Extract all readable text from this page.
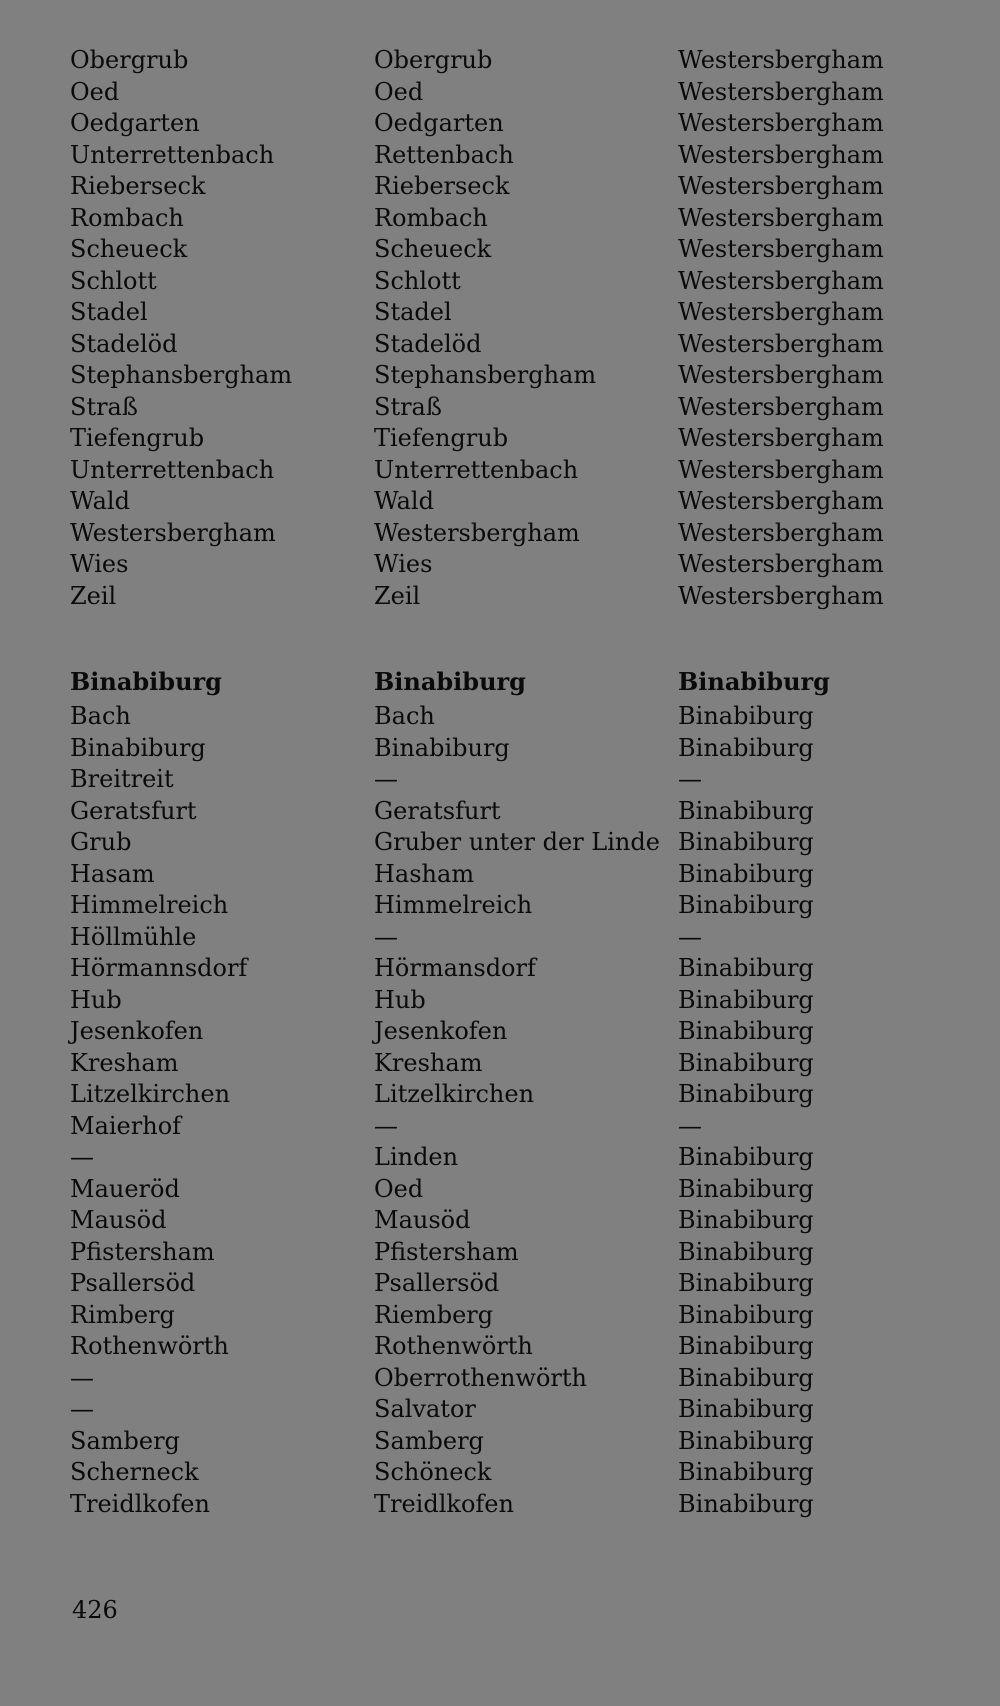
Obergrub	Obergrub	Westersbergham
Oed	Oed	Westersbergham
Oedgarten	Oedgarten	Westersbergham
Unterrettenbach	Rettenbach	Westersbergham
Rieberseck	Rieberseck	Westersbergham
Rombach	Rombach	Westersbergham
Scheueck	Scheueck	Westersbergham
Schlott	Schlott	Westersbergham
Stadel	Stadel	Westersbergham
Stadelöd	Stadelöd	Westersbergham
Stephansbergham	Stephansbergham	Westersbergham
Straß	Straß	Westersbergham
Tiefengrub	Tiefengrub	Westersbergham
Unterrettenbach	Unterrettenbach	Westersbergham
Wald	Wald	Westersbergham
Westersbergham	Westersbergham	Westersbergham
Wies	Wies	Westersbergham
Zeil	Zeil	Westersbergham
Binabiburg	Binabiburg	Binabiburg
Bach	Bach	Binabiburg
Binabiburg	Binabiburg	Binabiburg
Breitreit	—	—
Geratsfurt	Geratsfurt	Binabiburg
Grub	Gruber unter der Linde	Binabiburg
Hasam	Hasham	Binabiburg
Himmelreich	Himmelreich	Binabiburg
Höllmühle	—	—
Hörmannsdorf	Hörmansdorf	Binabiburg
Hub	Hub	Binabiburg
Jesenkofen	Jesenkofen	Binabiburg
Kresham	Kresham	Binabiburg
Litzelkirchen	Litzelkirchen	Binabiburg
Maierhof	—	—
—	Linden	Binabiburg
Maueröd	Oed	Binabiburg
Mausöd	Mausöd	Binabiburg
Pfistersham	Pfistersham	Binabiburg
Psallersöd	Psallersöd	Binabiburg
Rimberg	Riemberg	Binabiburg
Rothenwörth	Rothenwörth	Binabiburg
—	Oberrothenwörth	Binabiburg
—	Salvator	Binabiburg
Samberg	Samberg	Binabiburg
Scherneck	Schöneck	Binabiburg
Treidlkofen	Treidlkofen	Binabiburg
426
